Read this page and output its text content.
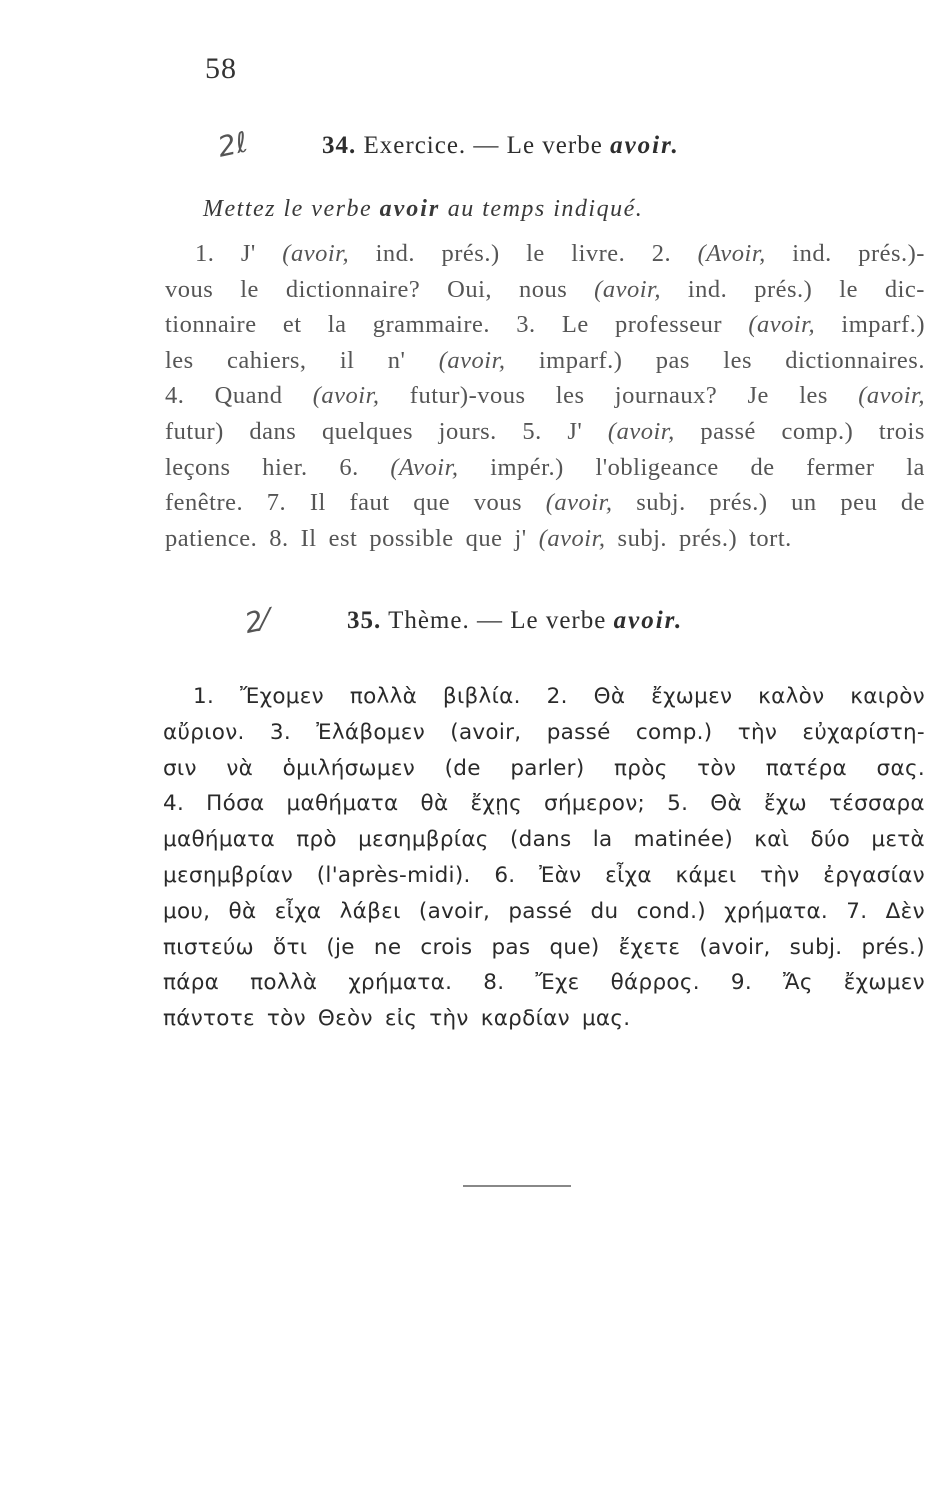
58
2ℓ	34. Exercice. — Le verbe avoir.
Mettez le verbe avoir au temps indiqué.
1. J' (avoir, ind. prés.) le livre. 2. (Avoir, ind. prés.)-
vous le dictionnaire? Oui, nous (avoir, ind. prés.) le dic-
tionnaire et la grammaire. 3. Le professeur (avoir, imparf.)
les cahiers, il n' (avoir, imparf.) pas les dictionnaires.
4. Quand (avoir, futur)-vous les journaux? Je les (avoir,
futur) dans quelques jours. 5. J' (avoir, passé comp.) trois
leçons hier. 6. (Avoir, impér.) l'obligeance de fermer la
fenêtre. 7. Il faut que vous (avoir, subj. prés.) un peu de
patience. 8. Il est possible que j' (avoir, subj. prés.) tort.
2⁄	35. Thème. — Le verbe avoir.
1. Ἔχομεν πολλὰ βιβλία. 2. Θὰ ἔχωμεν καλὸν καιρὸν
αὔριον. 3. Ἐλάβομεν (avoir, passé comp.) τὴν εὐχαρίστη-
σιν νὰ ὁμιλήσωμεν (de parler) πρὸς τὸν πατέρα σας.
4. Πόσα μαθήματα θὰ ἔχῃς σήμερον; 5. Θὰ ἔχω τέσσαρα
μαθήματα πρὸ μεσημβρίας (dans la matinée) καὶ δύο μετὰ
μεσημβρίαν (l'après-midi). 6. Ἐὰν εἶχα κάμει τὴν ἐργασίαν
μου, θὰ εἶχα λάβει (avoir, passé du cond.) χρήματα. 7. Δὲν
πιστεύω ὅτι (je ne crois pas que) ἔχετε (avoir, subj. prés.)
πάρα πολλὰ χρήματα. 8. Ἔχε θάρρος. 9. Ἄς ἔχωμεν
πάντοτε τὸν Θεὸν εἰς τὴν καρδίαν μας.
